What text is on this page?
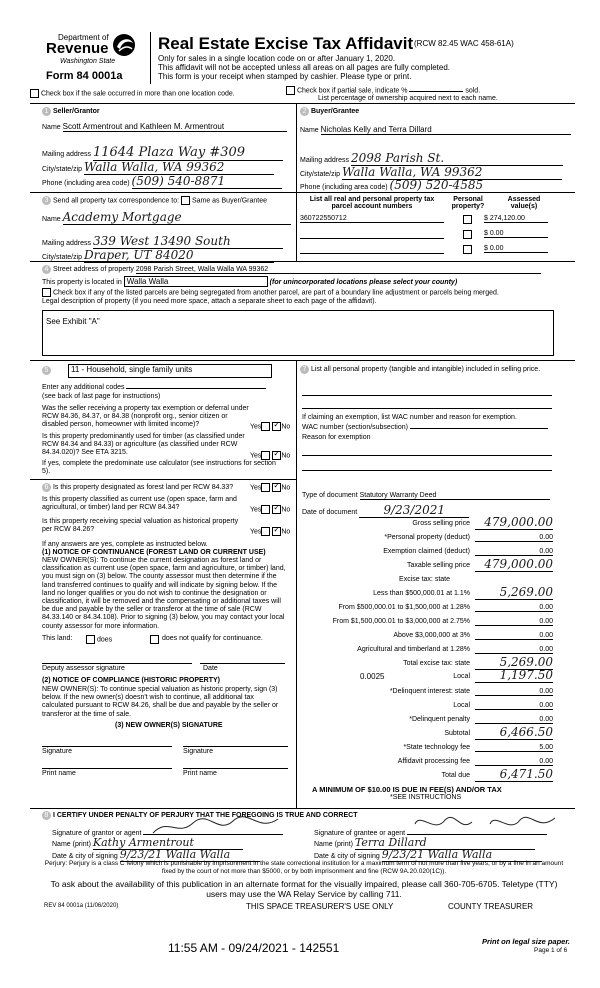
Department of
Revenue
Washington State
Form 84 0001a
Real Estate Excise Tax Affidavit (RCW 82.45 WAC 458-61A)
Only for sales in a single location code on or after January 1, 2020.
This affidavit will not be accepted unless all areas on all pages are fully completed.
This form is your receipt when stamped by cashier. Please type or print.
Check box if the sale occurred in more than one location code.	Check box if partial sale, indicate %	sold.
List percentage of ownership acquired next to each name.
1 Seller/Grantor
Name Scott Armentrout and Kathleen M. Armentrout
Mailing address 11644 Plaza Way #309
City/state/zip Walla Walla, WA 99362
Phone (including area code) (509) 540-8871
2 Buyer/Grantee
Name Nicholas Kelly and Terra Dillard
Mailing address 2098 Parish St.
City/state/zip Walla Walla, WA 99362
Phone (including area code) (509) 520-4585
3 Send all property tax correspondence to: Same as Buyer/Grantee
Name Academy Mortgage
Mailing address 339 West 13490 South
City/state/zip Draper, UT 84020
List all real and personal property tax parcel account numbers
Personal property?
Assessed value(s)
360722550712	$ 274,120.00
$ 0.00
$ 0.00
4 Street address of property 2098 Parish Street, Walla Walla WA 99362
This property is located in Walla Walla	(for unincorporated locations please select your county)
Check box if any of the listed parcels are being segregated from another parcel, are part of a boundary line adjustment or parcels being merged.
Legal description of property (if you need more space, attach a separate sheet to each page of the affidavit).
See Exhibit "A"
5	11 - Household, single family units
Enter any additional codes
(see back of last page for instructions)
Was the seller receiving a property tax exemption or deferral under RCW 84.36, 84.37, or 84.38 (nonprofit org., senior citizen or disabled person, homeowner with limited income)?	Yes ✓	No
Is this property predominantly used for timber (as classified under RCW 84.34 and 84.33) or agriculture (as classified under RCW 84.34.020)? See ETA 3215.	Yes ✓	No
If yes, complete the predominate use calculator (see instructions for section 5).
6 Is this property designated as forest land per RCW 84.33? Yes ✓	No
Is this property classified as current use (open space, farm and agricultural, or timber) land per RCW 84.34?	Yes ✓	No
Is this property receiving special valuation as historical property per RCW 84.26?	Yes ✓	No
If any answers are yes, complete as instructed below.
(1) NOTICE OF CONTINUANCE (FOREST LAND OR CURRENT USE)
NEW OWNER(S): To continue the current designation as forest land or classification as current use (open space, farm and agriculture, or timber) land, you must sign on (3) below. The county assessor must then determine if the land transferred continues to qualify and will indicate by signing below. If the land no longer qualifies or you do not wish to continue the designation or classification, it will be removed and the compensating or additional taxes will be due and payable by the seller or transferor at the time of sale (RCW 84.33.140 or 84.34.108). Prior to signing (3) below, you may contact your local county assessor for more information.
This land:	does	does not qualify for continuance.
Deputy assessor signature	Date
(2) NOTICE OF COMPLIANCE (HISTORIC PROPERTY)
NEW OWNER(S): To continue special valuation as historic property, sign (3) below. If the new owner(s) doesn't wish to continue, all additional tax calculated pursuant to RCW 84.26, shall be due and payable by the seller or transferor at the time of sale.
(3) NEW OWNER(S) SIGNATURE
Signature	Signature
Print name	Print name
7 List all personal property (tangible and intangible) included in selling price.
If claiming an exemption, list WAC number and reason for exemption.
WAC number (section/subsection)
Reason for exemption
Type of document Statutory Warranty Deed
Date of document 9/23/2021
Gross selling price	479,000.00
*Personal property (deduct)	0.00
Exemption claimed (deduct)	0.00
Taxable selling price	479,000.00
Excise tax: state
Less than $500,000.01 at 1.1%	5,269.00
From $500,000.01 to $1,500,000 at 1.28%	0.00
From $1,500,000.01 to $3,000,000 at 2.75%	0.00
Above $3,000,000 at 3%	0.00
Agricultural and timberland at 1.28%	0.00
Total excise tax: state	5,269.00
0.0025	Local	1,197.50
*Delinquent interest: state	0.00
Local	0.00
*Delinquent penalty	0.00
Subtotal	6,466.50
*State technology fee	5.00
Affidavit processing fee	0.00
Total due	6,471.50
A MINIMUM OF $10.00 IS DUE IN FEE(S) AND/OR TAX
*SEE INSTRUCTIONS
8 I CERTIFY UNDER PENALTY OF PERJURY THAT THE FOREGOING IS TRUE AND CORRECT
Signature of grantor or agent
Name (print) Kathy Armentrout
Date & city of signing 9/23/21 Walla Walla
Signature of grantee or agent
Name (print) Terra Dillard
Date & city of signing 9/23/21 Walla Walla
Perjury: Perjury is a class C felony which is punishable by imprisonment in the state correctional institution for a maximum term of not more than five years, or by a fine in an amount fixed by the court of not more than $5000, or by both imprisonment and fine (RCW 9A.20.020(1C)).
To ask about the availability of this publication in an alternate format for the visually impaired, please call 360-705-6705. Teletype (TTY) users may use the WA Relay Service by calling 711.
REV 84 0001a (11/06/2020)	THIS SPACE TREASURER'S USE ONLY	COUNTY TREASURER
11:55 AM - 09/24/2021 - 142551	Print on legal size paper.
Page 1 of 6
